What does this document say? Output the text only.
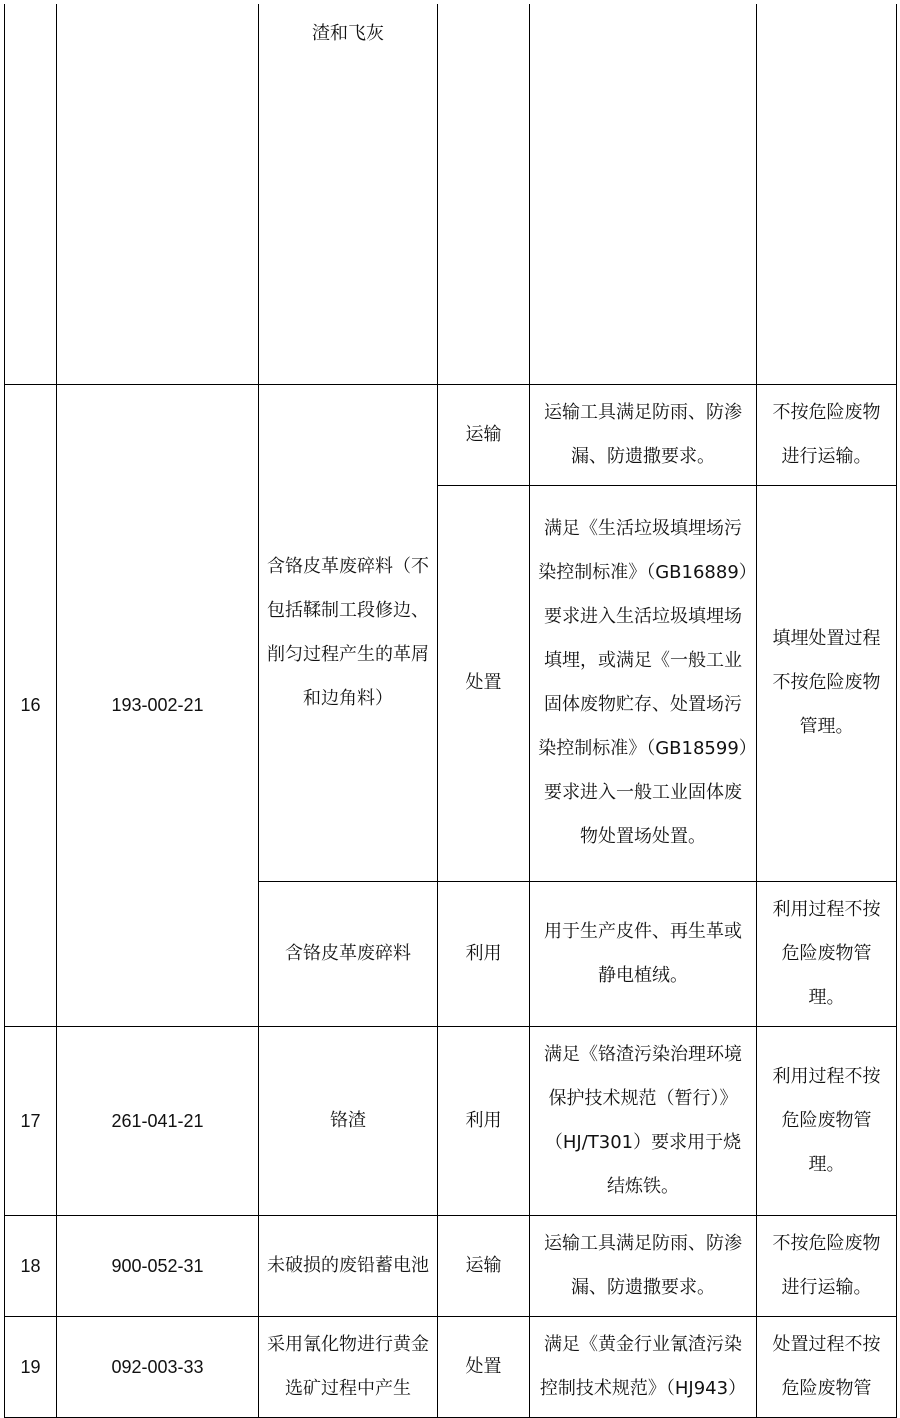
		渣和飞灰			
16	193-002-21	含铬皮革废碎料（不包括鞣制工段修边、削匀过程产生的革屑和边角料）	运输	运输工具满足防雨、防渗漏、防遗撒要求。	不按危险废物进行运输。
			处置	满足《生活垃圾填埋场污染控制标准》（GB16889）要求进入生活垃圾填埋场填埋，或满足《一般工业固体废物贮存、处置场污染控制标准》（GB18599）要求进入一般工业固体废物处置场处置。	填埋处置过程不按危险废物管理。
		含铬皮革废碎料	利用	用于生产皮件、再生革或静电植绒。	利用过程不按危险废物管理。
17	261-041-21	铬渣	利用	满足《铬渣污染治理环境保护技术规范（暂行）》（HJ/T301）要求用于烧结炼铁。	利用过程不按危险废物管理。
18	900-052-31	未破损的废铅蓄电池	运输	运输工具满足防雨、防渗漏、防遗撒要求。	不按危险废物进行运输。
19	092-003-33	采用氰化物进行黄金选矿过程中产生	处置	满足《黄金行业氰渣污染控制技术规范》（HJ943）	处置过程不按危险废物管
